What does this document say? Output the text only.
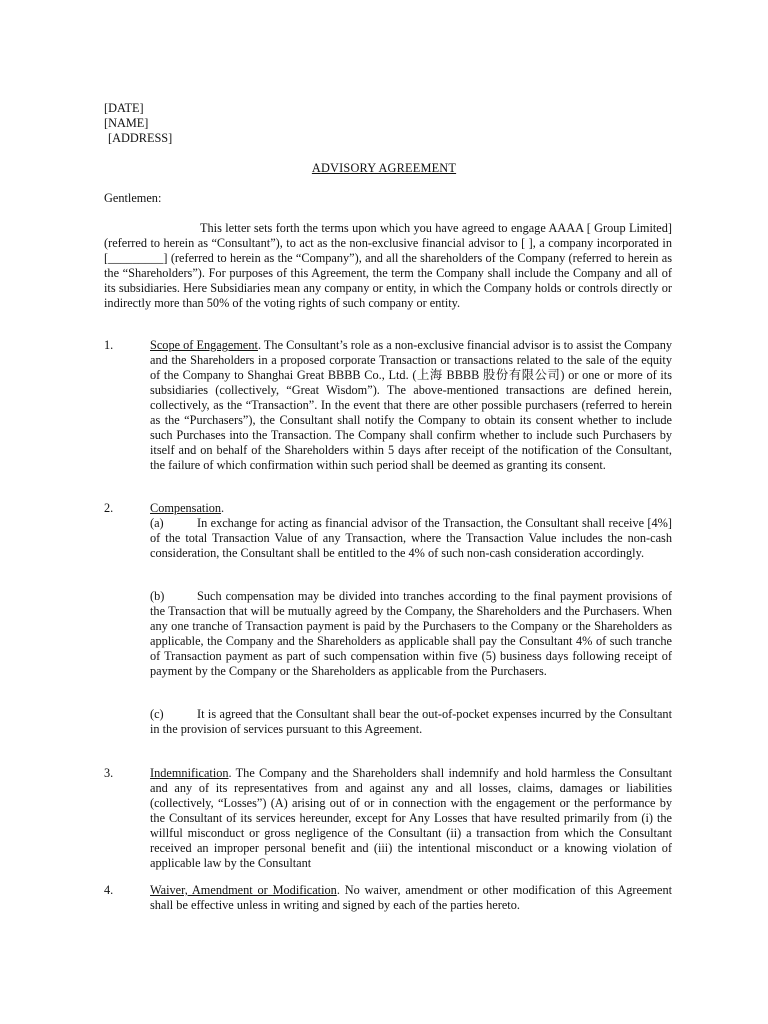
[DATE]
[NAME]
[ADDRESS]
ADVISORY AGREEMENT
Gentlemen:
This letter sets forth the terms upon which you have agreed to engage AAAA [ Group Limited] (referred to herein as “Consultant”), to act as the non-exclusive financial advisor to [ ], a company incorporated in [_________] (referred to herein as the “Company”), and all the shareholders of the Company (referred to herein as the “Shareholders”). For purposes of this Agreement, the term the Company shall include the Company and all of its subsidiaries. Here Subsidiaries mean any company or entity, in which the Company holds or controls directly or indirectly more than 50% of the voting rights of such company or entity.
1.	Scope of Engagement. The Consultant’s role as a non-exclusive financial advisor is to assist the Company and the Shareholders in a proposed corporate Transaction or transactions related to the sale of the equity of the Company to Shanghai Great BBBB Co., Ltd. (上海 BBBB 股份有限公司) or one or more of its subsidiaries (collectively, “Great Wisdom”). The above-mentioned transactions are defined herein, collectively, as the “Transaction”. In the event that there are other possible purchasers (referred to herein as the “Purchasers”), the Consultant shall notify the Company to obtain its consent whether to include such Purchases into the Transaction. The Company shall confirm whether to include such Purchasers by itself and on behalf of the Shareholders within 5 days after receipt of the notification of the Consultant, the failure of which confirmation within such period shall be deemed as granting its consent.
2.	Compensation.
(a)	In exchange for acting as financial advisor of the Transaction, the Consultant shall receive [4%] of the total Transaction Value of any Transaction, where the Transaction Value includes the non-cash consideration, the Consultant shall be entitled to the 4% of such non-cash consideration accordingly.
(b)	Such compensation may be divided into tranches according to the final payment provisions of the Transaction that will be mutually agreed by the Company, the Shareholders and the Purchasers. When any one tranche of Transaction payment is paid by the Purchasers to the Company or the Shareholders as applicable, the Company and the Shareholders as applicable shall pay the Consultant 4% of such tranche of Transaction payment as part of such compensation within five (5) business days following receipt of payment by the Company or the Shareholders as applicable from the Purchasers.
(c)	It is agreed that the Consultant shall bear the out-of-pocket expenses incurred by the Consultant in the provision of services pursuant to this Agreement.
3.	Indemnification. The Company and the Shareholders shall indemnify and hold harmless the Consultant and any of its representatives from and against any and all losses, claims, damages or liabilities (collectively, “Losses”) (A) arising out of or in connection with the engagement or the performance by the Consultant of its services hereunder, except for Any Losses that have resulted primarily from (i) the willful misconduct or gross negligence of the Consultant (ii) a transaction from which the Consultant received an improper personal benefit and (iii) the intentional misconduct or a knowing violation of applicable law by the Consultant
4.	Waiver, Amendment or Modification. No waiver, amendment or other modification of this Agreement shall be effective unless in writing and signed by each of the parties hereto.
